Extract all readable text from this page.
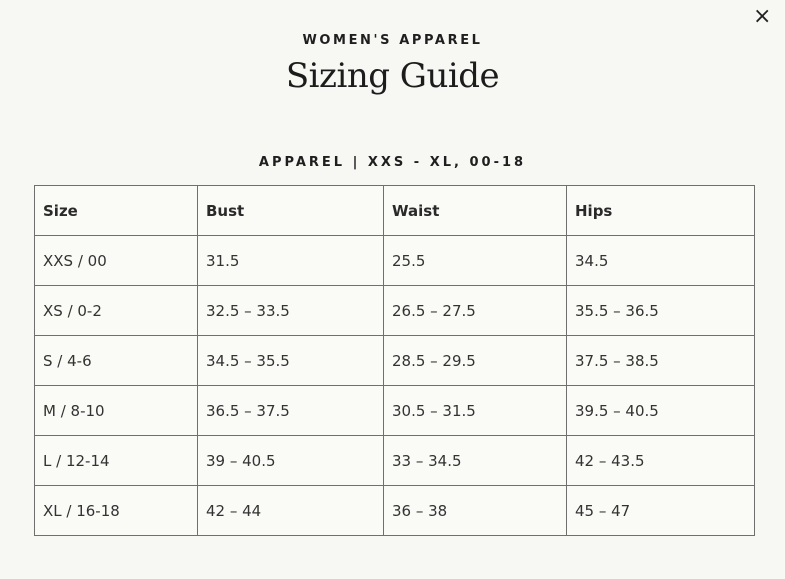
×
WOMEN'S APPAREL
Sizing Guide
APPAREL | XXS - XL, 00-18
Size	Bust	Waist	Hips
XXS / 00	31.5	25.5	34.5
XS / 0-2	32.5 – 33.5	26.5 – 27.5	35.5 – 36.5
S / 4-6	34.5 – 35.5	28.5 – 29.5	37.5 – 38.5
M / 8-10	36.5 – 37.5	30.5 – 31.5	39.5 – 40.5
L / 12-14	39 – 40.5	33 – 34.5	42 – 43.5
XL / 16-18	42 – 44	36 – 38	45 – 47
